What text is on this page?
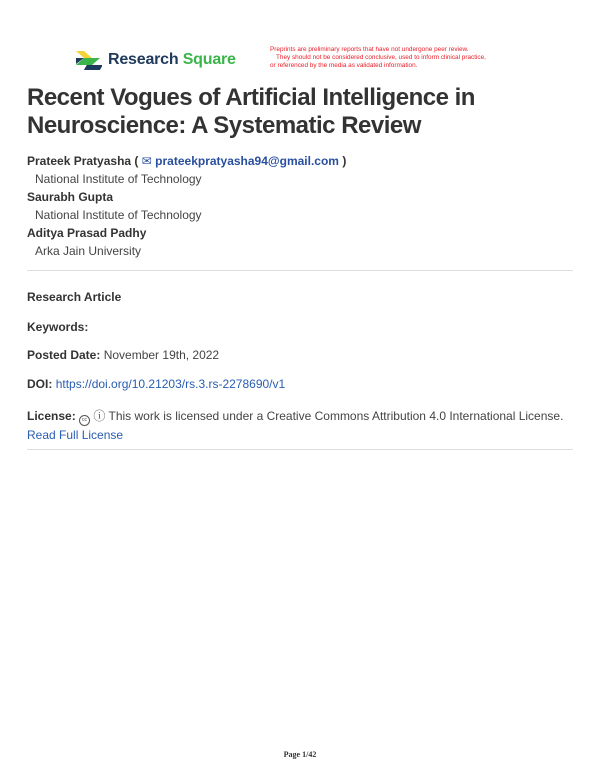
Research Square
Preprints are preliminary reports that have not undergone peer review.
They should not be considered conclusive, used to inform clinical practice,
or referenced by the media as validated information.
Recent Vogues of Artificial Intelligence in Neuroscience: A Systematic Review
Prateek Pratyasha ( ✉ prateekpratyasha94@gmail.com )
National Institute of Technology
Saurabh Gupta
National Institute of Technology
Aditya Prasad Padhy
Arka Jain University
Research Article
Keywords:
Posted Date: November 19th, 2022
DOI: https://doi.org/10.21203/rs.3.rs-2278690/v1
License: cc ⓘ This work is licensed under a Creative Commons Attribution 4.0 International License.
Read Full License
Page 1/42
